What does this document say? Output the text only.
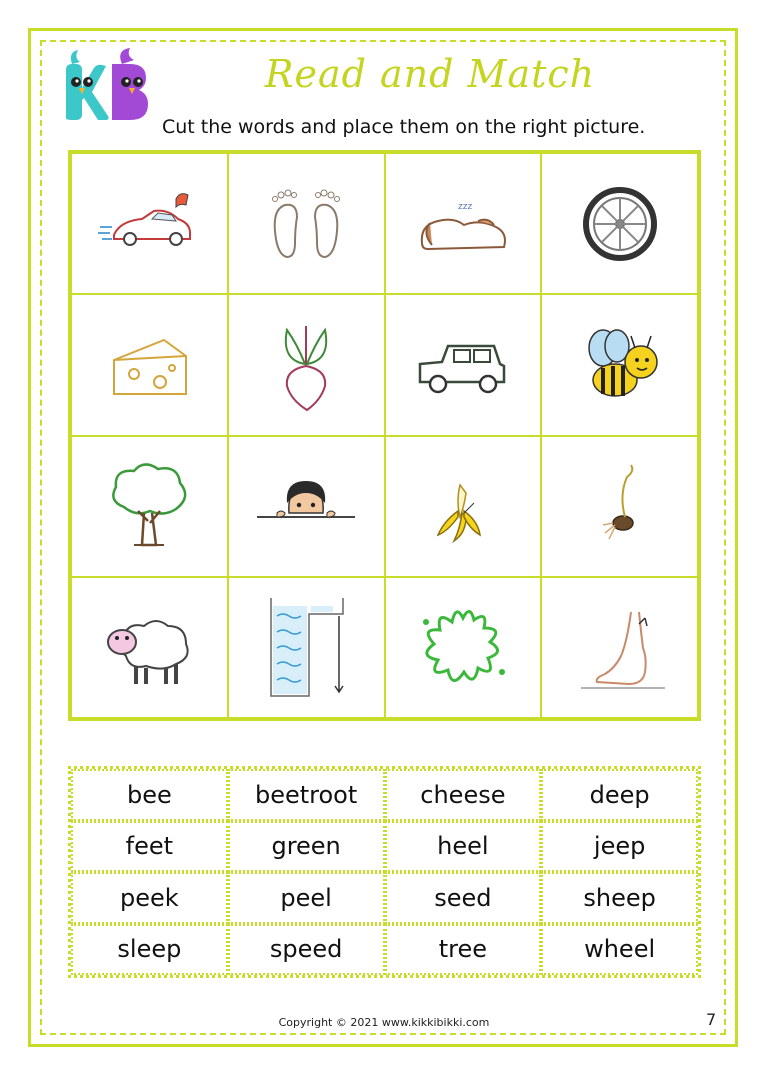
Read and Match
Cut the words and place them on the right picture.
zzz
bee	beetroot	cheese	deep
feet	green	heel	jeep
peek	peel	seed	sheep
sleep	speed	tree	wheel
Copyright © 2021 www.kikkibikki.com	7
